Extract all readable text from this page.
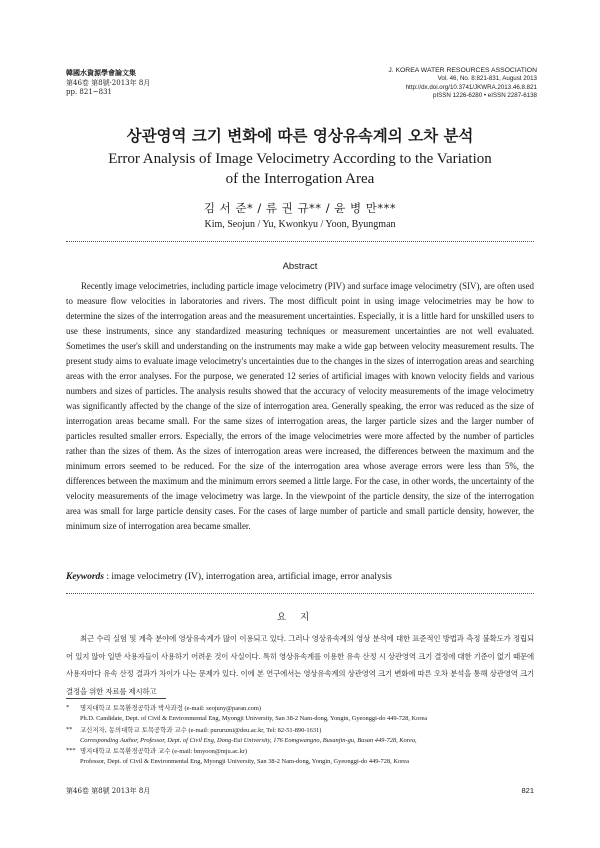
韓國水資源學會論文集
第46卷 第8號·2013年 8月
pp. 821~831
J. KOREA WATER RESOURCES ASSOCIATION
Vol. 46, No. 8:821-831, August 2013
http://dx.doi.org/10.3741/JKWRA.2013.46.8.821
pISSN 1226-6280 • eISSN 2287-6138
상관영역 크기 변화에 따른 영상유속계의 오차 분석
Error Analysis of Image Velocimetry According to the Variation
of the Interrogation Area
김 서 준* / 류 권 규** / 윤 병 만***
Kim, Seojun / Yu, Kwonkyu / Yoon, Byungman
Abstract

Recently image velocimetries, including particle image velocimetry (PIV) and surface image velocimetry (SIV), are often used to measure flow velocities in laboratories and rivers. The most difficult point in using image velocimetries may be how to determine the sizes of the interrogation areas and the measurement uncertainties. Especially, it is a little hard for unskilled users to use these instruments, since any standardized measuring techniques or measurement uncertainties are not well evaluated. Sometimes the user's skill and understanding on the instruments may make a wide gap between velocity measurement results. The present study aims to evaluate image velocimetry's uncertainties due to the changes in the sizes of interrogation areas and searching areas with the error analyses. For the purpose, we generated 12 series of artificial images with known velocity fields and various numbers and sizes of particles. The analysis results showed that the accuracy of velocity measurements of the image velocimetry was significantly affected by the change of the size of interrogation area. Generally speaking, the error was reduced as the size of interrogation areas became small. For the same sizes of interrogation areas, the larger particle sizes and the larger number of particles resulted smaller errors. Especially, the errors of the image velocimetries were more affected by the number of particles rather than the sizes of them. As the sizes of interrogation areas were increased, the differences between the maximum and the minimum errors seemed to be reduced. For the size of the interrogation area whose average errors were less than 5%, the differences between the maximum and the minimum errors seemed a little large. For the case, in other words, the uncertainty of the velocity measurements of the image velocimetry was large. In the viewpoint of the particle density, the size of the interrogation area was small for large particle density cases. For the cases of large number of particle and small particle density, however, the minimum size of interrogation area became smaller.

Keywords : image velocimetry (IV), interrogation area, artificial image, error analysis
요지

최근 수리 실험 및 계측 분야에 영상유속계가 많이 이용되고 있다. 그러나 영상유속계의 영상 분석에 대한 표준적인 방법과 측정 불확도가 정립되어 있지 않아 일반 사용자들이 사용하기 어려운 것이 사실이다. 특히 영상유속계를 이용한 유속 산정 시 상관영역 크기 결정에 대한 기준이 없기 때문에 사용자마다 유속 산정 결과가 차이가 나는 문제가 있다. 이에 본 연구에서는 영상유속계의 상관영역 크기 변화에 따른 오차 분석을 통해 상관영역 크기 결정을 위한 자료를 제시하고

* 명지대학교 토목환경공학과 박사과정 (e-mail: seojuny@paran.com)
Ph.D. Candidate, Dept. of Civil & Environmental Eng, Myongji University, San 38-2 Nam-dong, Yongin, Gyeonggi-do 449-728, Korea
** 교신저자, 동의대학교 토목공학과 교수 (e-mail: pururumi@deu.ac.kr, Tel: 82-51-890-1631)
Corresponding Author, Professor, Dept. of Civil Eng, Dong-Eui University, 176 Eomgwangno, Busanjin-gu, Busan 449-728, Korea,
*** 명지대학교 토목환경공학과 교수 (e-mail: bmyoon@mju.ac.kr)
Professor, Dept. of Civil & Environmental Eng, Myongji University, San 38-2 Nam-dong, Yongin, Gyeonggi-do 449-728, Korea
第46卷 第8號 2013年 8月	821
